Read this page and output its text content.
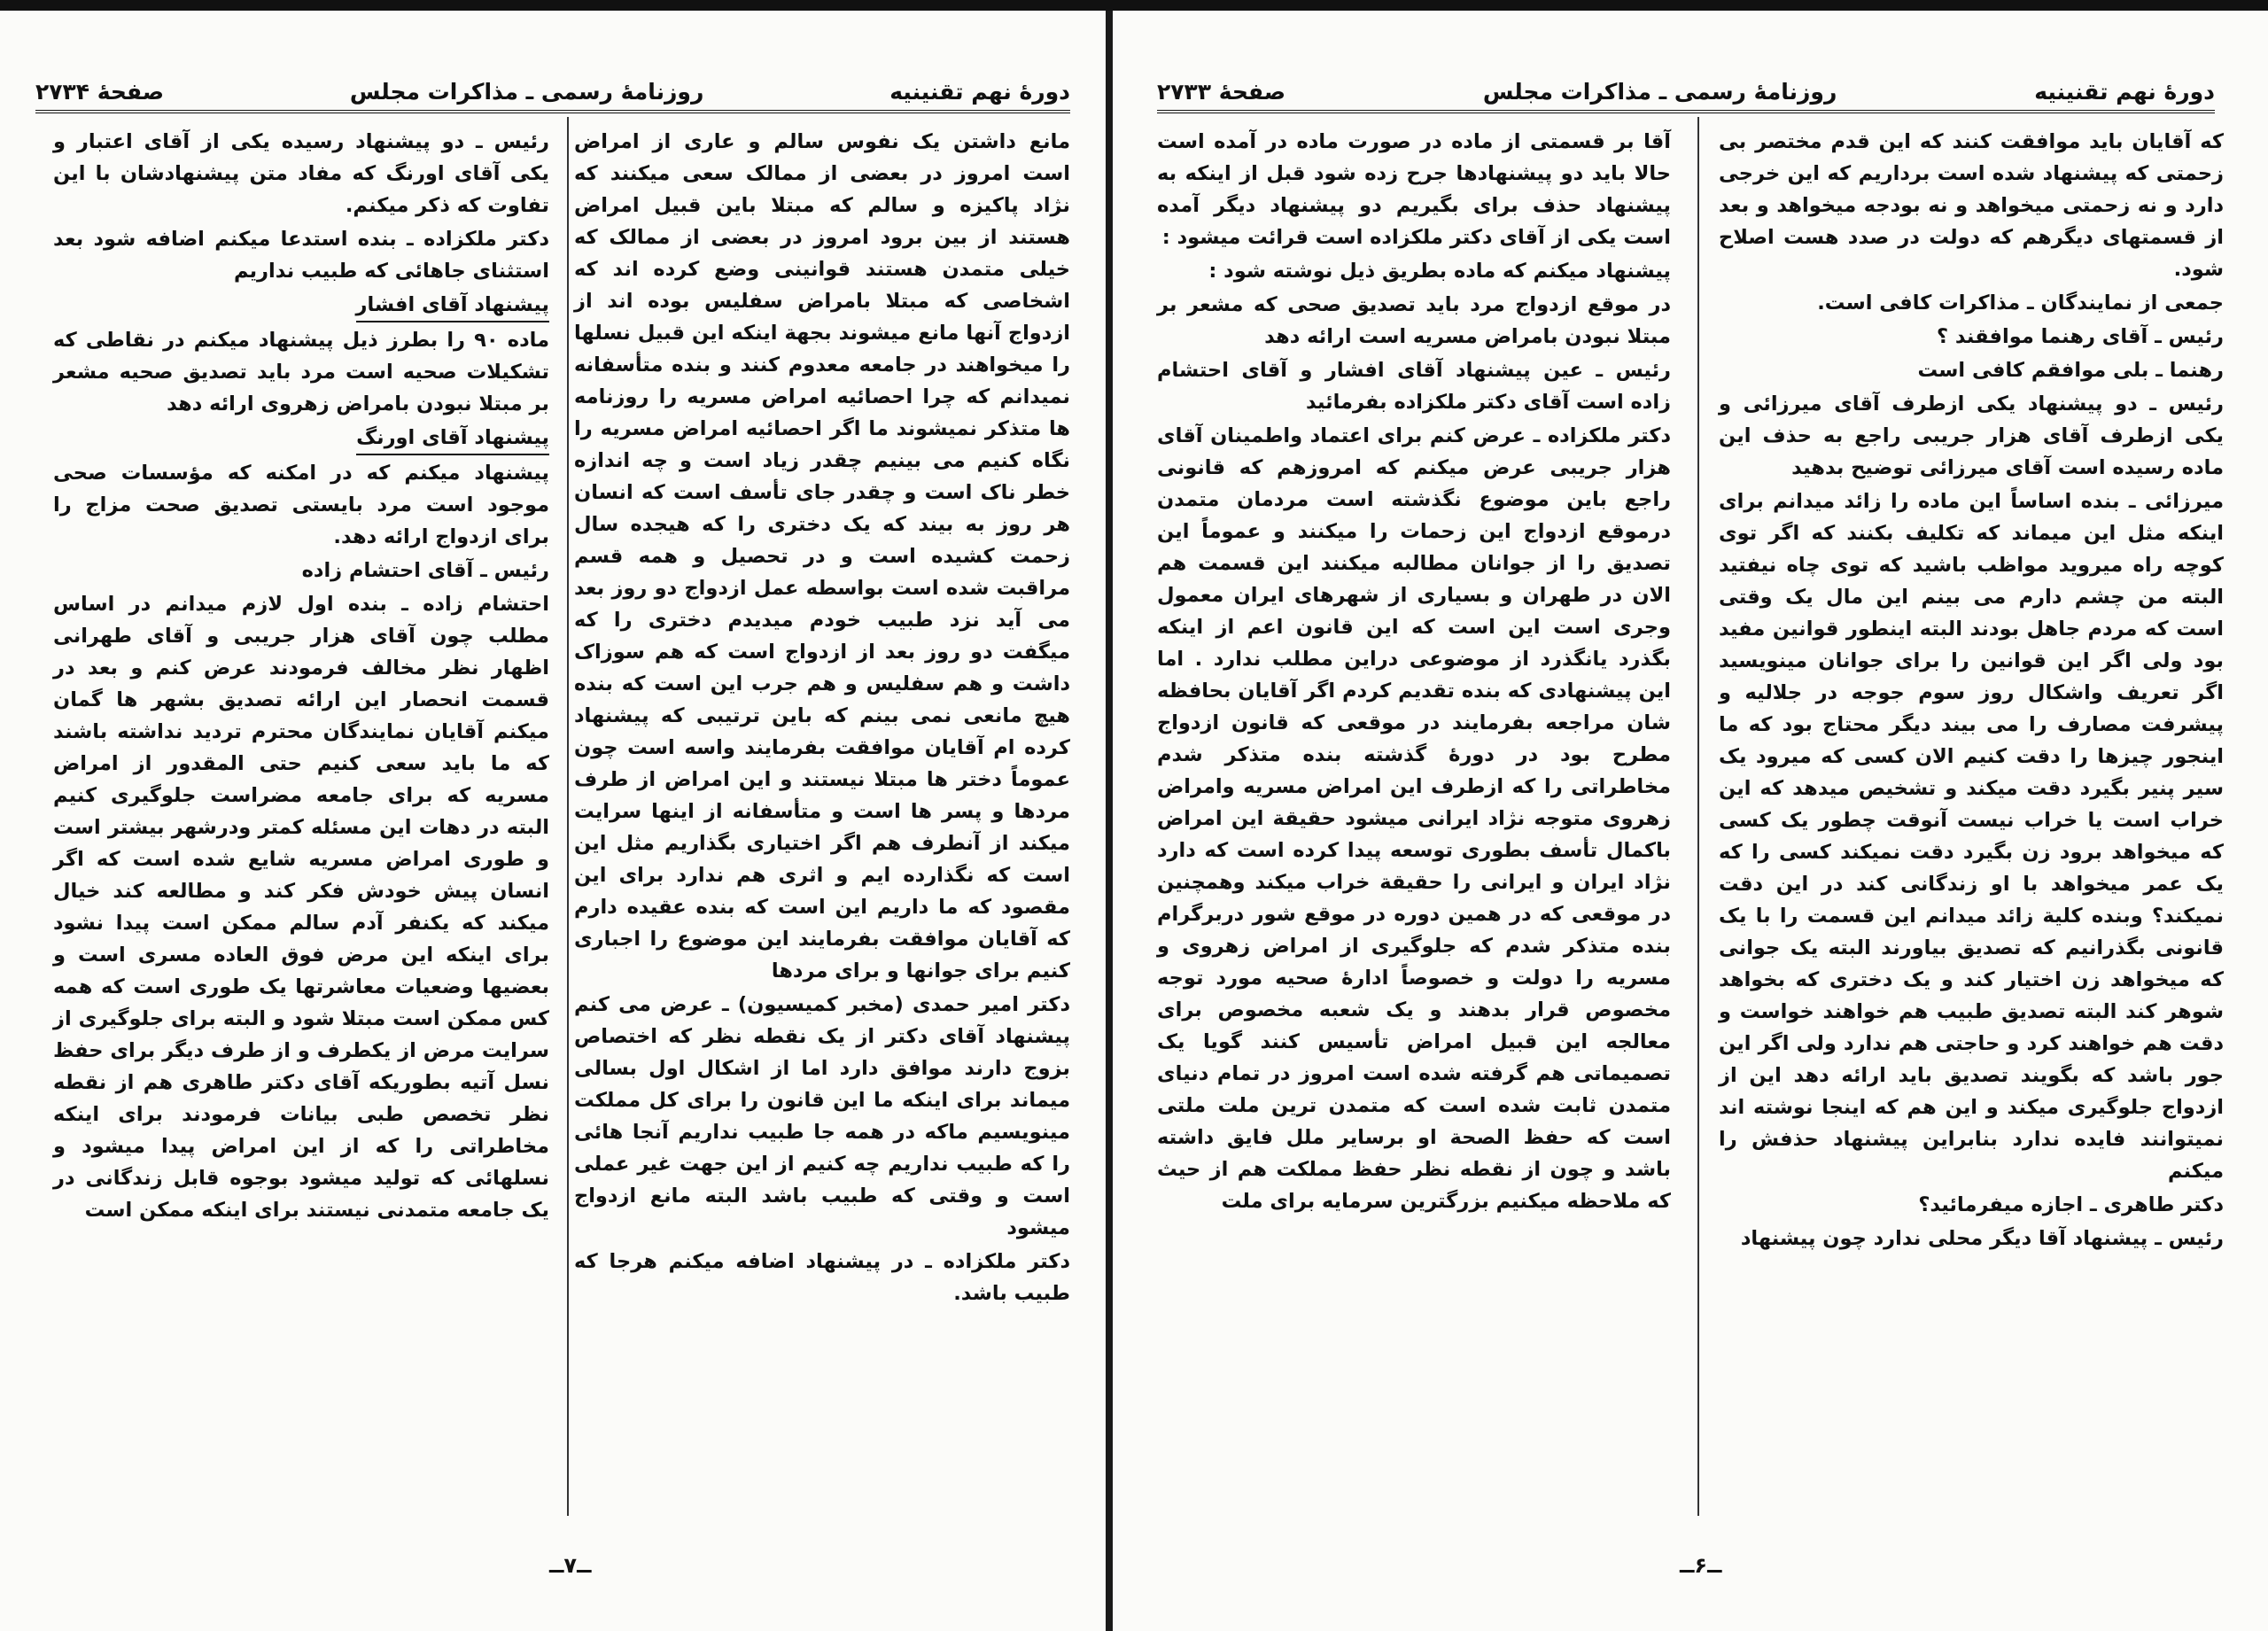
دورهٔ نهم تقنینیه
روزنامهٔ رسمی ـ مذاکرات مجلس
صفحهٔ ۲۷۳۴

مانع داشتن یک نفوس سالم و عاری از امراض است امروز در بعضی از ممالک سعی میکنند که نژاد پاکیزه و سالم که مبتلا باین قبیل امراض هستند از بین برود امروز در بعضی از ممالک که خیلی متمدن هستند قوانینی وضع کرده اند که اشخاصی که مبتلا بامراض سفلیس بوده اند از ازدواج آنها مانع میشوند بجهة اینکه این قبیل نسلها را میخواهند در جامعه معدوم کنند و بنده متأسفانه نمیدانم که چرا احصائیه امراض مسریه را روزنامه ها متذکر نمیشوند ما اگر احصائیه امراض مسریه را نگاه کنیم می بینیم چقدر زیاد است و چه اندازه خطر ناک است و چقدر جای تأسف است که انسان هر روز به بیند که یک دختری را که هیجده سال زحمت کشیده است و در تحصیل و همه قسم مراقبت شده است بواسطه عمل ازدواج دو روز بعد می آید نزد طبیب خودم میدیدم دختری را که میگفت دو روز بعد از ازدواج است که هم سوزاک داشت و هم سفلیس و هم جرب این است که بنده هیچ مانعی نمی بینم که باین ترتیبی که پیشنهاد کرده ام آقایان موافقت بفرمایند واسه است چون عموماً دختر ها مبتلا نیستند و این امراض از طرف مردها و پسر ها است و متأسفانه از اینها سرایت میکند از آنطرف هم اگر اختیاری بگذاریم مثل این است که نگذارده ایم و اثری هم ندارد برای این مقصود که ما داریم این است که بنده عقیده دارم که آقایان موافقت بفرمایند این موضوع را اجباری کنیم برای جوانها و برای مردها

دکتر امیر حمدی (مخبر کمیسیون) ـ عرض می کنم پیشنهاد آقای دکتر از یک نقطه نظر که اختصاص بزوج دارند موافق دارد اما از اشکال اول بسالی میماند برای اینکه ما این قانون را برای کل مملکت مینویسیم ماکه در همه جا طبیب نداریم آنجا هائی را که طبیب نداریم چه کنیم از این جهت غیر عملی است و وقتی که طبیب باشد البته مانع ازدواج میشود

دکتر ملکزاده ـ در پیشنهاد اضافه میکنم هرجا که طبیب باشد.

رئیس ـ دو پیشنهاد رسیده یکی از آقای اعتبار و یکی آقای اورنگ که مفاد متن پیشنهادشان با این تفاوت که ذکر میکنم.

دکتر ملکزاده ـ بنده استدعا میکنم اضافه شود بعد استثنای جاهائی که طبیب نداریم

پیشنهاد آقای افشار

ماده ۹۰ را بطرز ذیل پیشنهاد میکنم در نقاطی که تشکیلات صحیه است مرد باید تصدیق صحیه مشعر بر مبتلا نبودن بامراض زهروی ارائه دهد

پیشنهاد آقای اورنگ

پیشنهاد میکنم که در امکنه که مؤسسات صحی موجود است مرد بایستی تصدیق صحت مزاج را برای ازدواج ارائه دهد.

رئیس ـ آقای احتشام زاده

احتشام زاده ـ بنده اول لازم میدانم در اساس مطلب چون آقای هزار جریبی و آقای طهرانی اظهار نظر مخالف فرمودند عرض کنم و بعد در قسمت انحصار این ارائه تصدیق بشهر ها گمان میکنم آقایان نمایندگان محترم تردید نداشته باشند که ما باید سعی کنیم حتی المقدور از امراض مسریه که برای جامعه مضراست جلوگیری کنیم البته در دهات این مسئله کمتر ودرشهر بیشتر است و طوری امراض مسریه شایع شده است که اگر انسان پیش خودش فکر کند و مطالعه کند خیال میکند که یکنفر آدم سالم ممکن است پیدا نشود برای اینکه این مرض فوق العاده مسری است و بعضیها وضعیات معاشرتها یک طوری است که همه کس ممکن است مبتلا شود و البته برای جلوگیری از سرایت مرض از یکطرف و از طرف دیگر برای حفظ نسل آتیه بطوریکه آقای دکتر طاهری هم از نقطه نظر تخصص طبی بیانات فرمودند برای اینکه مخاطراتی را که از این امراض پیدا میشود و نسلهائی که تولید میشود بوجوه قابل زندگانی در یک جامعه متمدنی نیستند برای اینکه ممکن است

ــ۷ــ
دورهٔ نهم تقنینیه
روزنامهٔ رسمی ـ مذاکرات مجلس
صفحهٔ ۲۷۳۳

که آقایان باید موافقت کنند که این قدم مختصر بی زحمتی که پیشنهاد شده است برداریم که این خرجی دارد و نه زحمتی میخواهد و نه بودجه میخواهد و بعد از قسمتهای دیگرهم که دولت در صدد هست اصلاح شود.

جمعی از نمایندگان ـ مذاکرات کافی است.

رئیس ـ آقای رهنما موافقند ؟

رهنما ـ بلی موافقم کافی است

رئیس ـ دو پیشنهاد یکی ازطرف آقای میرزائی و یکی ازطرف آقای هزار جریبی راجع به حذف این ماده رسیده است آقای میرزائی توضیح بدهید

میرزائی ـ بنده اساساً این ماده را زائد میدانم برای اینکه مثل این میماند که تکلیف بکنند که اگر توی کوچه راه میروید مواظب باشید که توی چاه نیفتید البته من چشم دارم می بینم این مال یک وقتی است که مردم جاهل بودند البته اینطور قوانین مفید بود ولی اگر این قوانین را برای جوانان مینویسید اگر تعریف واشکال روز سوم جوجه در جلالیه و پیشرفت مصارف را می بیند دیگر محتاج بود که ما اینجور چیزها را دقت کنیم الان کسی که میرود یک سیر پنیر بگیرد دقت میکند و تشخیص میدهد که این خراب است یا خراب نیست آنوقت چطور یک کسی که میخواهد برود زن بگیرد دقت نمیکند کسی را که یک عمر میخواهد با او زندگانی کند در این دقت نمیکند؟ وبنده کلیة زائد میدانم این قسمت را با یک قانونی بگذرانیم که تصدیق بیاورند البته یک جوانی که میخواهد زن اختیار کند و یک دختری که بخواهد شوهر کند البته تصدیق طبیب هم خواهند خواست و دقت هم خواهند کرد و حاجتی هم ندارد ولی اگر این جور باشد که بگویند تصدیق باید ارائه دهد این از ازدواج جلوگیری میکند و این هم که اینجا نوشته اند نمیتوانند فایده ندارد بنابراین پیشنهاد حذفش را میکنم

دکتر طاهری ـ اجازه میفرمائید؟

رئیس ـ پیشنهاد آقا دیگر محلی ندارد چون پیشنهاد

آقا بر قسمتی از ماده در صورت ماده در آمده است حالا باید دو پیشنهادها جرح زده شود قبل از اینکه به پیشنهاد حذف برای بگیریم دو پیشنهاد دیگر آمده است یکی از آقای دکتر ملکزاده است قرائت میشود :

پیشنهاد میکنم که ماده بطریق ذیل نوشته شود :

در موقع ازدواج مرد باید تصدیق صحی که مشعر بر مبتلا نبودن بامراض مسریه است ارائه دهد

رئیس ـ عین پیشنهاد آقای افشار و آقای احتشام زاده است آقای دکتر ملکزاده بفرمائید

دکتر ملکزاده ـ عرض کنم برای اعتماد واطمینان آقای هزار جریبی عرض میکنم که امروزهم که قانونی راجع باین موضوع نگذشته است مردمان متمدن درموقع ازدواج این زحمات را میکنند و عموماً این تصدیق را از جوانان مطالبه میکنند این قسمت هم الان در طهران و بسیاری از شهرهای ایران معمول وجری است این است که این قانون اعم از اینکه بگذرد یانگذرد از موضوعی دراین مطلب ندارد . اما این پیشنهادی که بنده تقدیم کردم اگر آقایان بحافظه شان مراجعه بفرمایند در موقعی که قانون ازدواج مطرح بود در دورهٔ گذشته بنده متذکر شدم مخاطراتی را که ازطرف این امراض مسریه وامراض زهروی متوجه نژاد ایرانی میشود حقیقة این امراض باکمال تأسف بطوری توسعه پیدا کرده است که دارد نژاد ایران و ایرانی را حقیقة خراب میکند وهمچنین در موقعی که در همین دوره در موقع شور دربرگرام بنده متذکر شدم که جلوگیری از امراض زهروی و مسریه را دولت و خصوصاً ادارهٔ صحیه مورد توجه مخصوص قرار بدهند و یک شعبه مخصوص برای معالجه این قبیل امراض تأسیس کنند گویا یک تصمیماتی هم گرفته شده است امروز در تمام دنیای متمدن ثابت شده است که متمدن ترین ملت ملتی است که حفظ الصحة او برسایر ملل فایق داشته باشد و چون از نقطه نظر حفظ مملکت هم از حیث که ملاحظه میکنیم بزرگترین سرمایه برای ملت

ــ۶ــ
